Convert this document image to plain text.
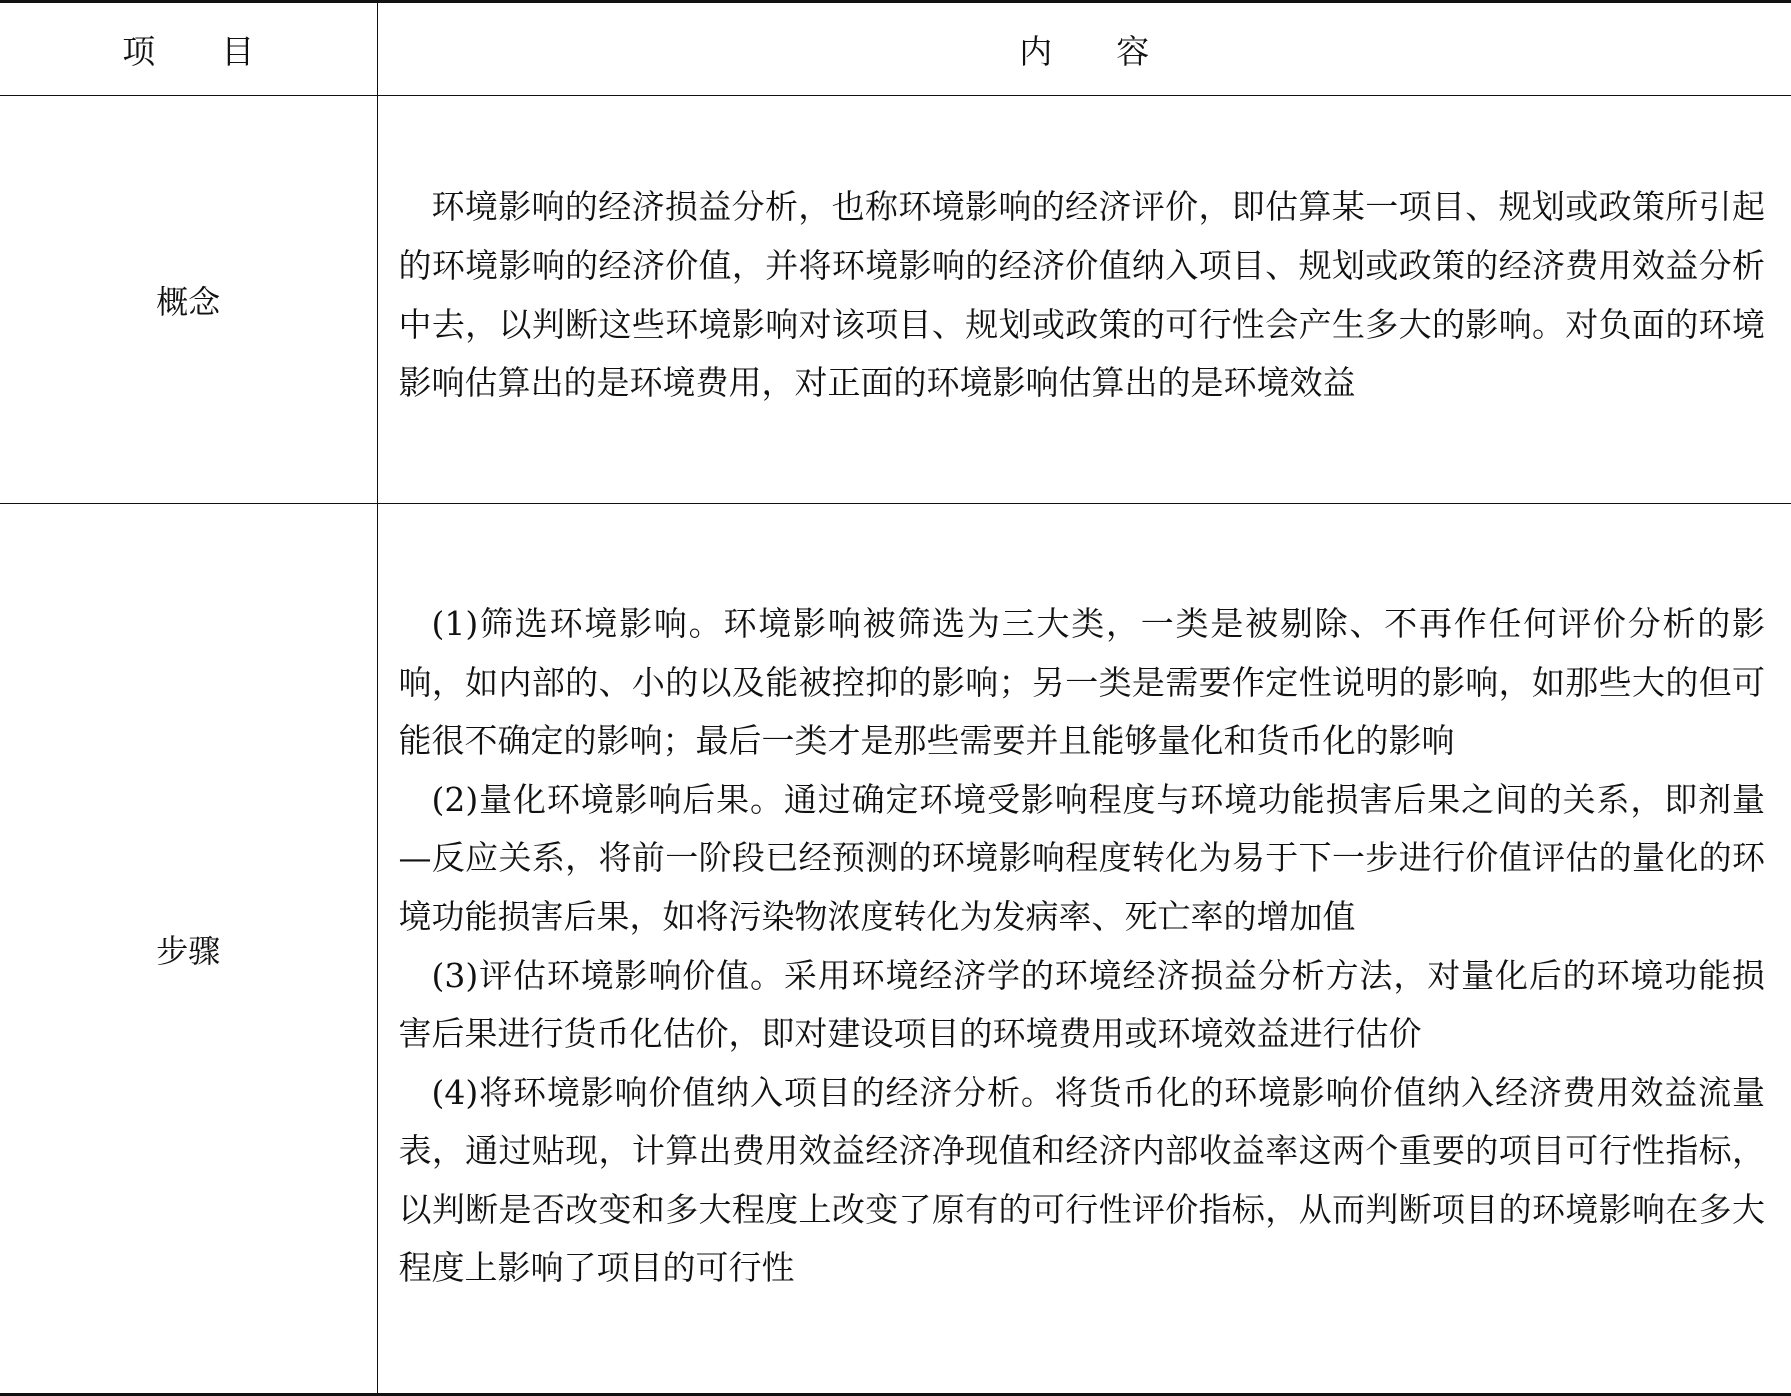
项目	内容
概念	环境影响的经济损益分析，也称环境影响的经济评价，即估算某一项目、规划或政策所引起的环境影响的经济价值，并将环境影响的经济价值纳入项目、规划或政策的经济费用效益分析中去，以判断这些环境影响对该项目、规划或政策的可行性会产生多大的影响。对负面的环境影响估算出的是环境费用，对正面的环境影响估算出的是环境效益

步骤	(1)筛选环境影响。环境影响被筛选为三大类，一类是被剔除、不再作任何评价分析的影响，如内部的、小的以及能被控抑的影响；另一类是需要作定性说明的影响，如那些大的但可能很不确定的影响；最后一类才是那些需要并且能够量化和货币化的影响

(2)量化环境影响后果。通过确定环境受影响程度与环境功能损害后果之间的关系，即剂量—反应关系，将前一阶段已经预测的环境影响程度转化为易于下一步进行价值评估的量化的环境功能损害后果，如将污染物浓度转化为发病率、死亡率的增加值

(3)评估环境影响价值。采用环境经济学的环境经济损益分析方法，对量化后的环境功能损害后果进行货币化估价，即对建设项目的环境费用或环境效益进行估价

(4)将环境影响价值纳入项目的经济分析。将货币化的环境影响价值纳入经济费用效益流量表，通过贴现，计算出费用效益经济净现值和经济内部收益率这两个重要的项目可行性指标，以判断是否改变和多大程度上改变了原有的可行性评价指标，从而判断项目的环境影响在多大程度上影响了项目的可行性
